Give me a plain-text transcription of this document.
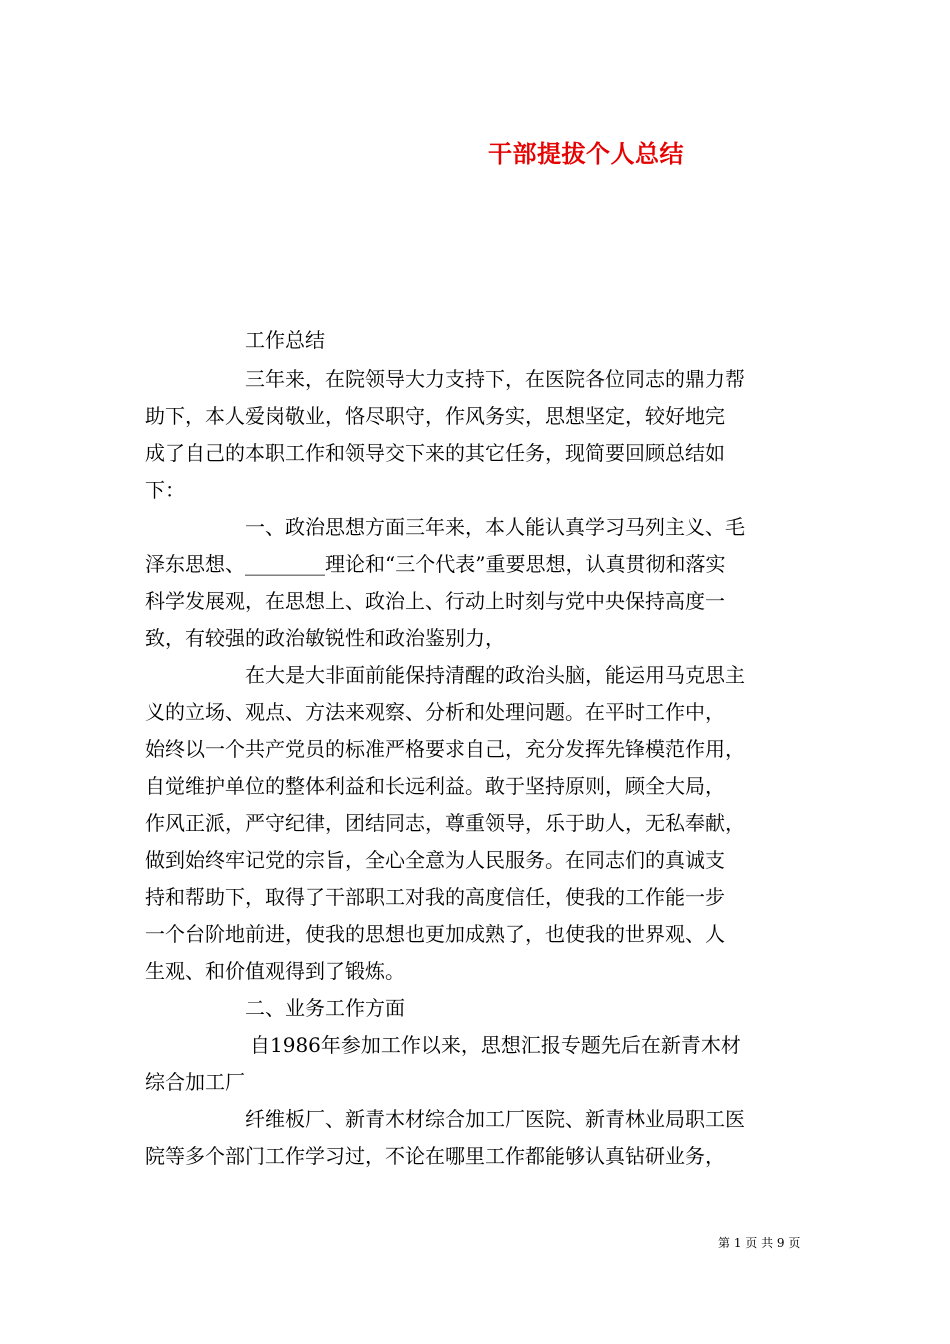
干部提拔个人总结

工作总结

三年来，在院领导大力支持下，在医院各位同志的鼎力帮

助下，本人爱岗敬业，恪尽职守，作风务实，思想坚定，较好地完

成了自己的本职工作和领导交下来的其它任务，现简要回顾总结如

下：

一、政治思想方面三年来，本人能认真学习马列主义、毛

泽东思想、________理论和“三个代表”重要思想，认真贯彻和落实

科学发展观，在思想上、政治上、行动上时刻与党中央保持高度一

致，有较强的政治敏锐性和政治鉴别力，

在大是大非面前能保持清醒的政治头脑，能运用马克思主

义的立场、观点、方法来观察、分析和处理问题。在平时工作中，

始终以一个共产党员的标准严格要求自己，充分发挥先锋模范作用，

自觉维护单位的整体利益和长远利益。敢于坚持原则，顾全大局，

作风正派，严守纪律，团结同志，尊重领导，乐于助人，无私奉献，

做到始终牢记党的宗旨，全心全意为人民服务。在同志们的真诚支

持和帮助下，取得了干部职工对我的高度信任，使我的工作能一步

一个台阶地前进，使我的思想也更加成熟了，也使我的世界观、人

生观、和价值观得到了锻炼。

二、业务工作方面

自1986年参加工作以来，思想汇报专题先后在新青木材

综合加工厂

纤维板厂、新青木材综合加工厂医院、新青林业局职工医

院等多个部门工作学习过，不论在哪里工作都能够认真钻研业务，

第 1 页 共 9 页
